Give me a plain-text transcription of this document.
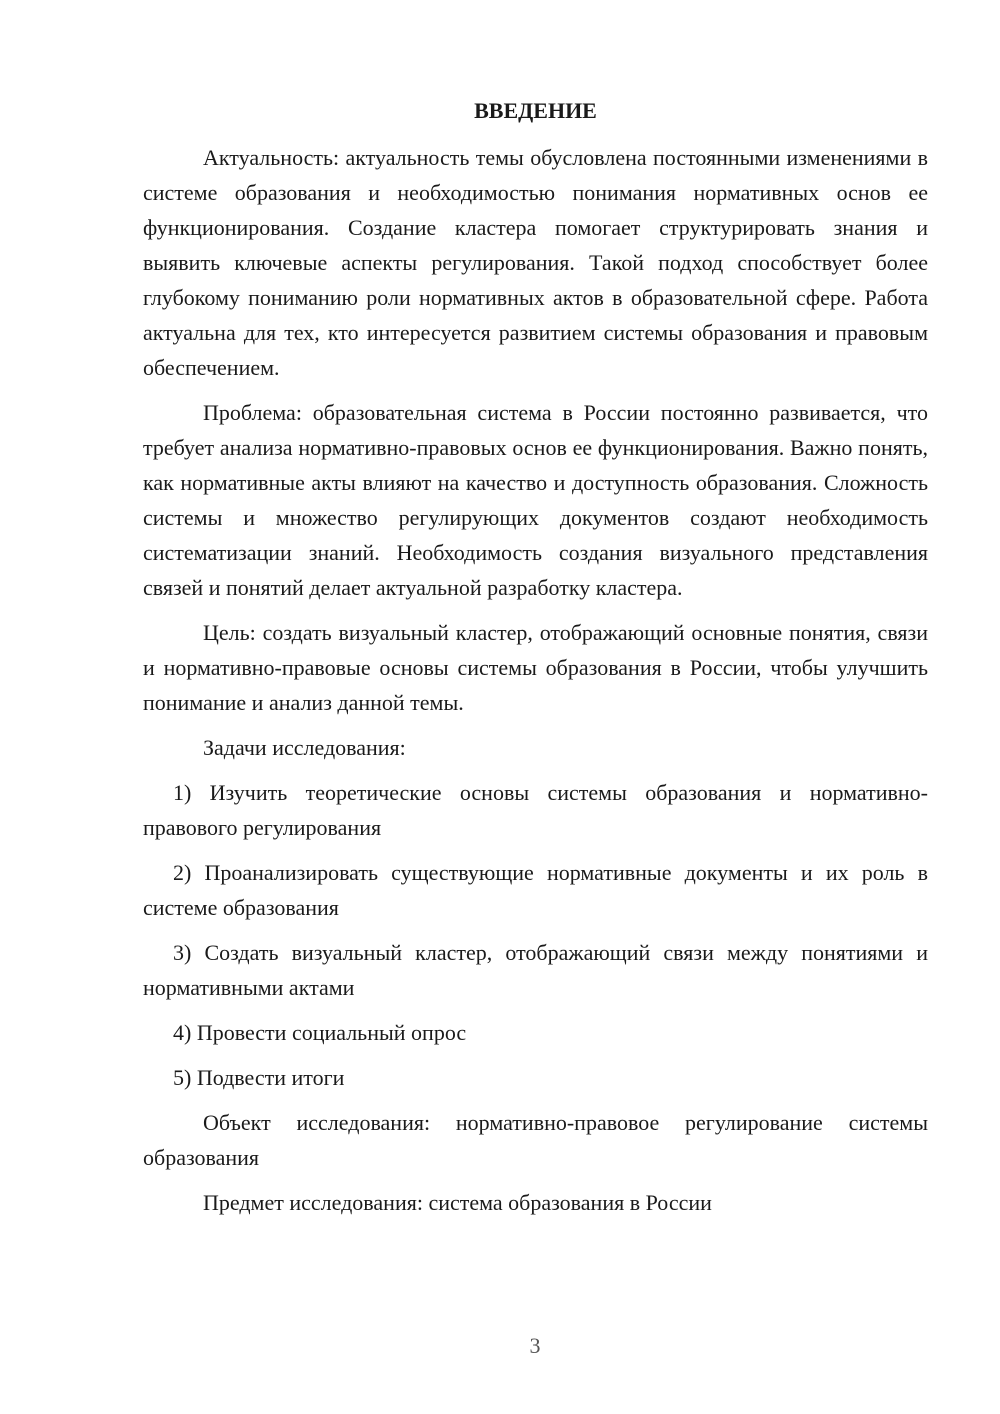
ВВЕДЕНИЕ

Актуальность: актуальность темы обусловлена постоянными изменениями в системе образования и необходимостью понимания нормативных основ ее функционирования. Создание кластера помогает структурировать знания и выявить ключевые аспекты регулирования. Такой подход способствует более глубокому пониманию роли нормативных актов в образовательной сфере. Работа актуальна для тех, кто интересуется развитием системы образования и правовым обеспечением.

Проблема: образовательная система в России постоянно развивается, что требует анализа нормативно-правовых основ ее функционирования. Важно понять, как нормативные акты влияют на качество и доступность образования. Сложность системы и множество регулирующих документов создают необходимость систематизации знаний. Необходимость создания визуального представления связей и понятий делает актуальной разработку кластера.

Цель: создать визуальный кластер, отображающий основные понятия, связи и нормативно-правовые основы системы образования в России, чтобы улучшить понимание и анализ данной темы.

Задачи исследования:

1) Изучить теоретические основы системы образования и нормативно-правового регулирования

2) Проанализировать существующие нормативные документы и их роль в системе образования

3) Создать визуальный кластер, отображающий связи между понятиями и нормативными актами

4) Провести социальный опрос

5) Подвести итоги

Объект исследования: нормативно-правовое регулирование системы образования

Предмет исследования: система образования в России

3
